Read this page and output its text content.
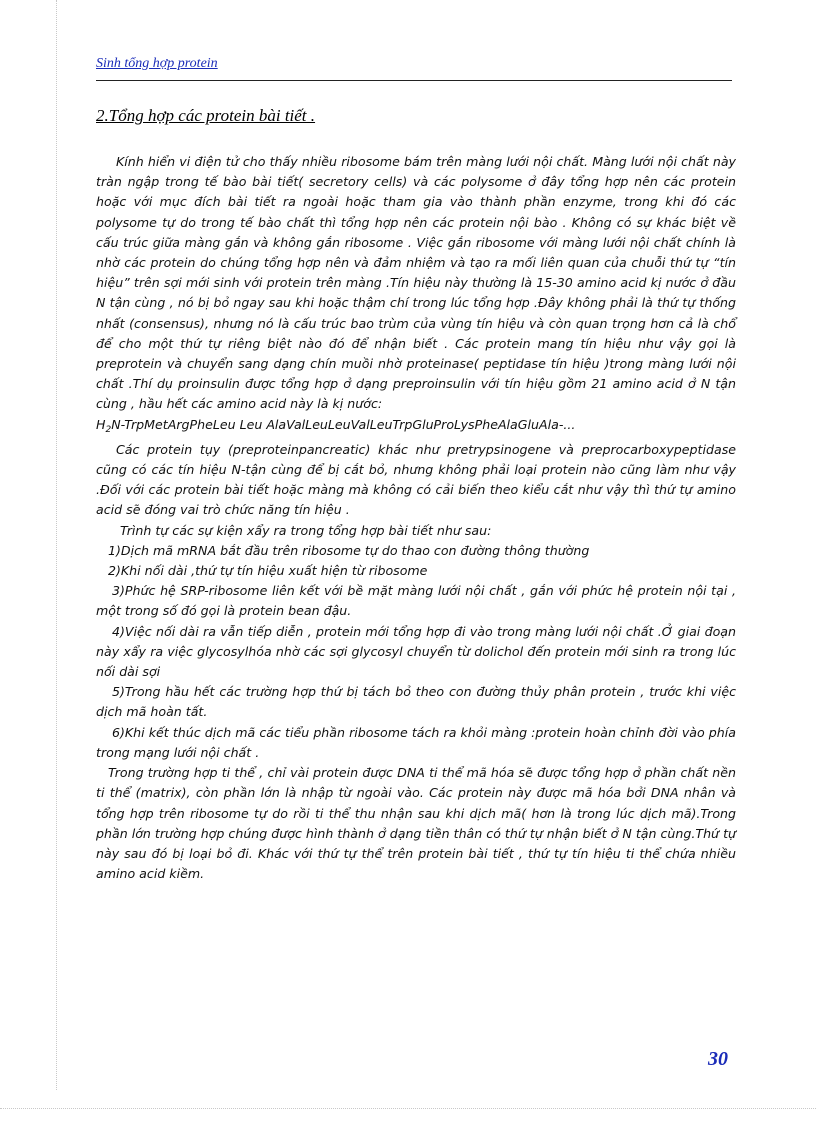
Sinh tổng hợp protein
2.Tổng hợp các protein bài tiết .

Kính hiển vi điện tử cho thấy nhiều ribosome bám trên màng lưới nội chất. Màng lưới nội chất này tràn ngập trong tế bào bài tiết( secretory cells) và các polysome ở đây tổng hợp nên các protein hoặc với mục đích bài tiết ra ngoài hoặc tham gia vào thành phần enzyme, trong khi đó các polysome tự do trong tế bào chất thì tổng hợp nên các protein nội bào . Không có sự khác biệt về cấu trúc giữa màng gắn và không gắn ribosome . Việc gắn ribosome với màng lưới nội chất chính là nhờ các protein do chúng tổng hợp nên và đảm nhiệm và tạo ra mối liên quan của chuỗi thứ tự “tín hiệu” trên sợi mới sinh với protein trên màng .Tín hiệu này thường là 15-30 amino acid kị nước ở đầu N tận cùng , nó bị bỏ ngay sau khi hoặc thậm chí trong lúc tổng hợp .Đây không phải là thứ tự thống nhất (consensus), nhưng nó là cấu trúc bao trùm của vùng tín hiệu và còn quan trọng hơn cả là chổ để cho một thứ tự riêng biệt nào đó để nhận biết . Các protein mang tín hiệu như vậy gọi là preprotein và chuyển sang dạng chín muồi nhờ proteinase( peptidase tín hiệu )trong màng lưới nội chất .Thí dụ proinsulin được tổng hợp ở dạng preproinsulin với tín hiệu gồm 21 amino acid ở N tận cùng , hầu hết các amino acid này là kị nước:

$H_2N$-TrpMetArgPheLeu Leu AlaValLeuLeuValLeuTrpGluProLysPheAlaGluAla-...

Các protein tụy (preproteinpancreatic) khác như pretrypsinogene và preprocarboxypeptidase cũng có các tín hiệu N-tận cùng để bị cắt bỏ, nhưng không phải loại protein nào cũng làm như vậy .Đối với các protein bài tiết hoặc màng mà không có cải biến theo kiểu cắt như vậy thì thứ tự amino acid sẽ đóng vai trò chức năng tín hiệu .

Trình tự các sự kiện xẩy ra trong tổng hợp bài tiết như sau:

1)Dịch mã mRNA bắt đầu trên ribosome tự do thao con đường thông thường

2)Khi nối dài ,thứ tự tín hiệu xuất hiện từ ribosome

3)Phức hệ SRP-ribosome liên kết với bề mặt màng lưới nội chất , gắn với phức hệ protein nội tại , một trong số đó gọi là protein bean đậu.

4)Việc nối dài ra vẫn tiếp diễn , protein mới tổng hợp đi vào trong màng lưới nội chất .Ở giai đoạn này xẩy ra việc glycosylhóa nhờ các sợi glycosyl chuyển từ dolichol đến protein mới sinh ra trong lúc nối dài sợi

5)Trong hầu hết các trường hợp thứ bị tách bỏ theo con đường thủy phân protein , trước khi việc dịch mã hoàn tất.

6)Khi kết thúc dịch mã các tiểu phần ribosome tách ra khỏi màng :protein hoàn chỉnh đời vào phía trong mạng lưới nội chất .

Trong trường hợp ti thể , chỉ vài protein được DNA ti thể mã hóa sẽ được tổng hợp ở phần chất nền ti thể (matrix), còn phần lớn là nhập từ ngoài vào. Các protein này được mã hóa bởi DNA nhân và tổng hợp trên ribosome tự do rồi ti thể thu nhận sau khi dịch mã( hơn là trong lúc dịch mã).Trong phần lớn trường hợp chúng được hình thành ở dạng tiền thân có thứ tự nhận biết ở N tận cùng.Thứ tự này sau đó bị loại bỏ đi. Khác với thứ tự thể trên protein bài tiết , thứ tự tín hiệu ti thể chứa nhiều amino acid kiềm.

30
